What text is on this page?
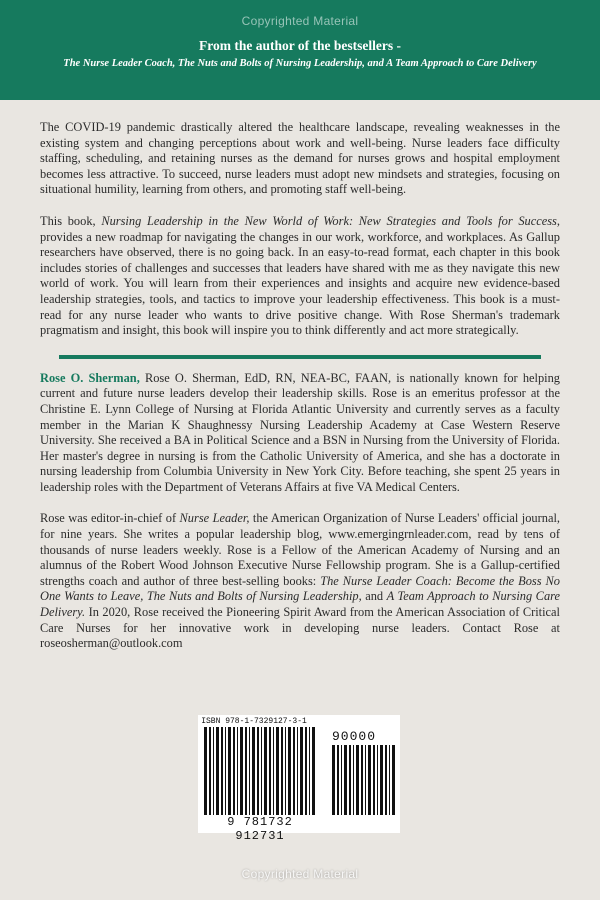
Copyrighted Material
From the author of the bestsellers -
The Nurse Leader Coach, The Nuts and Bolts of Nursing Leadership, and A Team Approach to Care Delivery

The COVID-19 pandemic drastically altered the healthcare landscape, revealing weaknesses in the existing system and changing perceptions about work and well-being. Nurse leaders face difficulty staffing, scheduling, and retaining nurses as the demand for nurses grows and hospital employment becomes less attractive. To succeed, nurse leaders must adopt new mindsets and strategies, focusing on situational humility, learning from others, and promoting staff well-being.

This book, Nursing Leadership in the New World of Work: New Strategies and Tools for Success, provides a new roadmap for navigating the changes in our work, workforce, and workplaces. As Gallup researchers have observed, there is no going back. In an easy-to-read format, each chapter in this book includes stories of challenges and successes that leaders have shared with me as they navigate this new world of work. You will learn from their experiences and insights and acquire new evidence-based leadership strategies, tools, and tactics to improve your leadership effectiveness. This book is a must-read for any nurse leader who wants to drive positive change. With Rose Sherman's trademark pragmatism and insight, this book will inspire you to think differently and act more strategically.

Rose O. Sherman, Rose O. Sherman, EdD, RN, NEA-BC, FAAN, is nationally known for helping current and future nurse leaders develop their leadership skills. Rose is an emeritus professor at the Christine E. Lynn College of Nursing at Florida Atlantic University and currently serves as a faculty member in the Marian K Shaughnessy Nursing Leadership Academy at Case Western Reserve University. She received a BA in Political Science and a BSN in Nursing from the University of Florida. Her master's degree in nursing is from the Catholic University of America, and she has a doctorate in nursing leadership from Columbia University in New York City. Before teaching, she spent 25 years in leadership roles with the Department of Veterans Affairs at five VA Medical Centers.

Rose was editor-in-chief of Nurse Leader, the American Organization of Nurse Leaders' official journal, for nine years. She writes a popular leadership blog, www.emergingrnleader.com, read by tens of thousands of nurse leaders weekly. Rose is a Fellow of the American Academy of Nursing and an alumnus of the Robert Wood Johnson Executive Nurse Fellowship program. She is a Gallup-certified strengths coach and author of three best-selling books: The Nurse Leader Coach: Become the Boss No One Wants to Leave, The Nuts and Bolts of Nursing Leadership, and A Team Approach to Nursing Care Delivery. In 2020, Rose received the Pioneering Spirit Award from the American Association of Critical Care Nurses for her innovative work in developing nurse leaders. Contact Rose at roseosherman@outlook.com

ISBN 978-1-7329127-3-1
90000
9 781732 912731
Copyrighted Material
